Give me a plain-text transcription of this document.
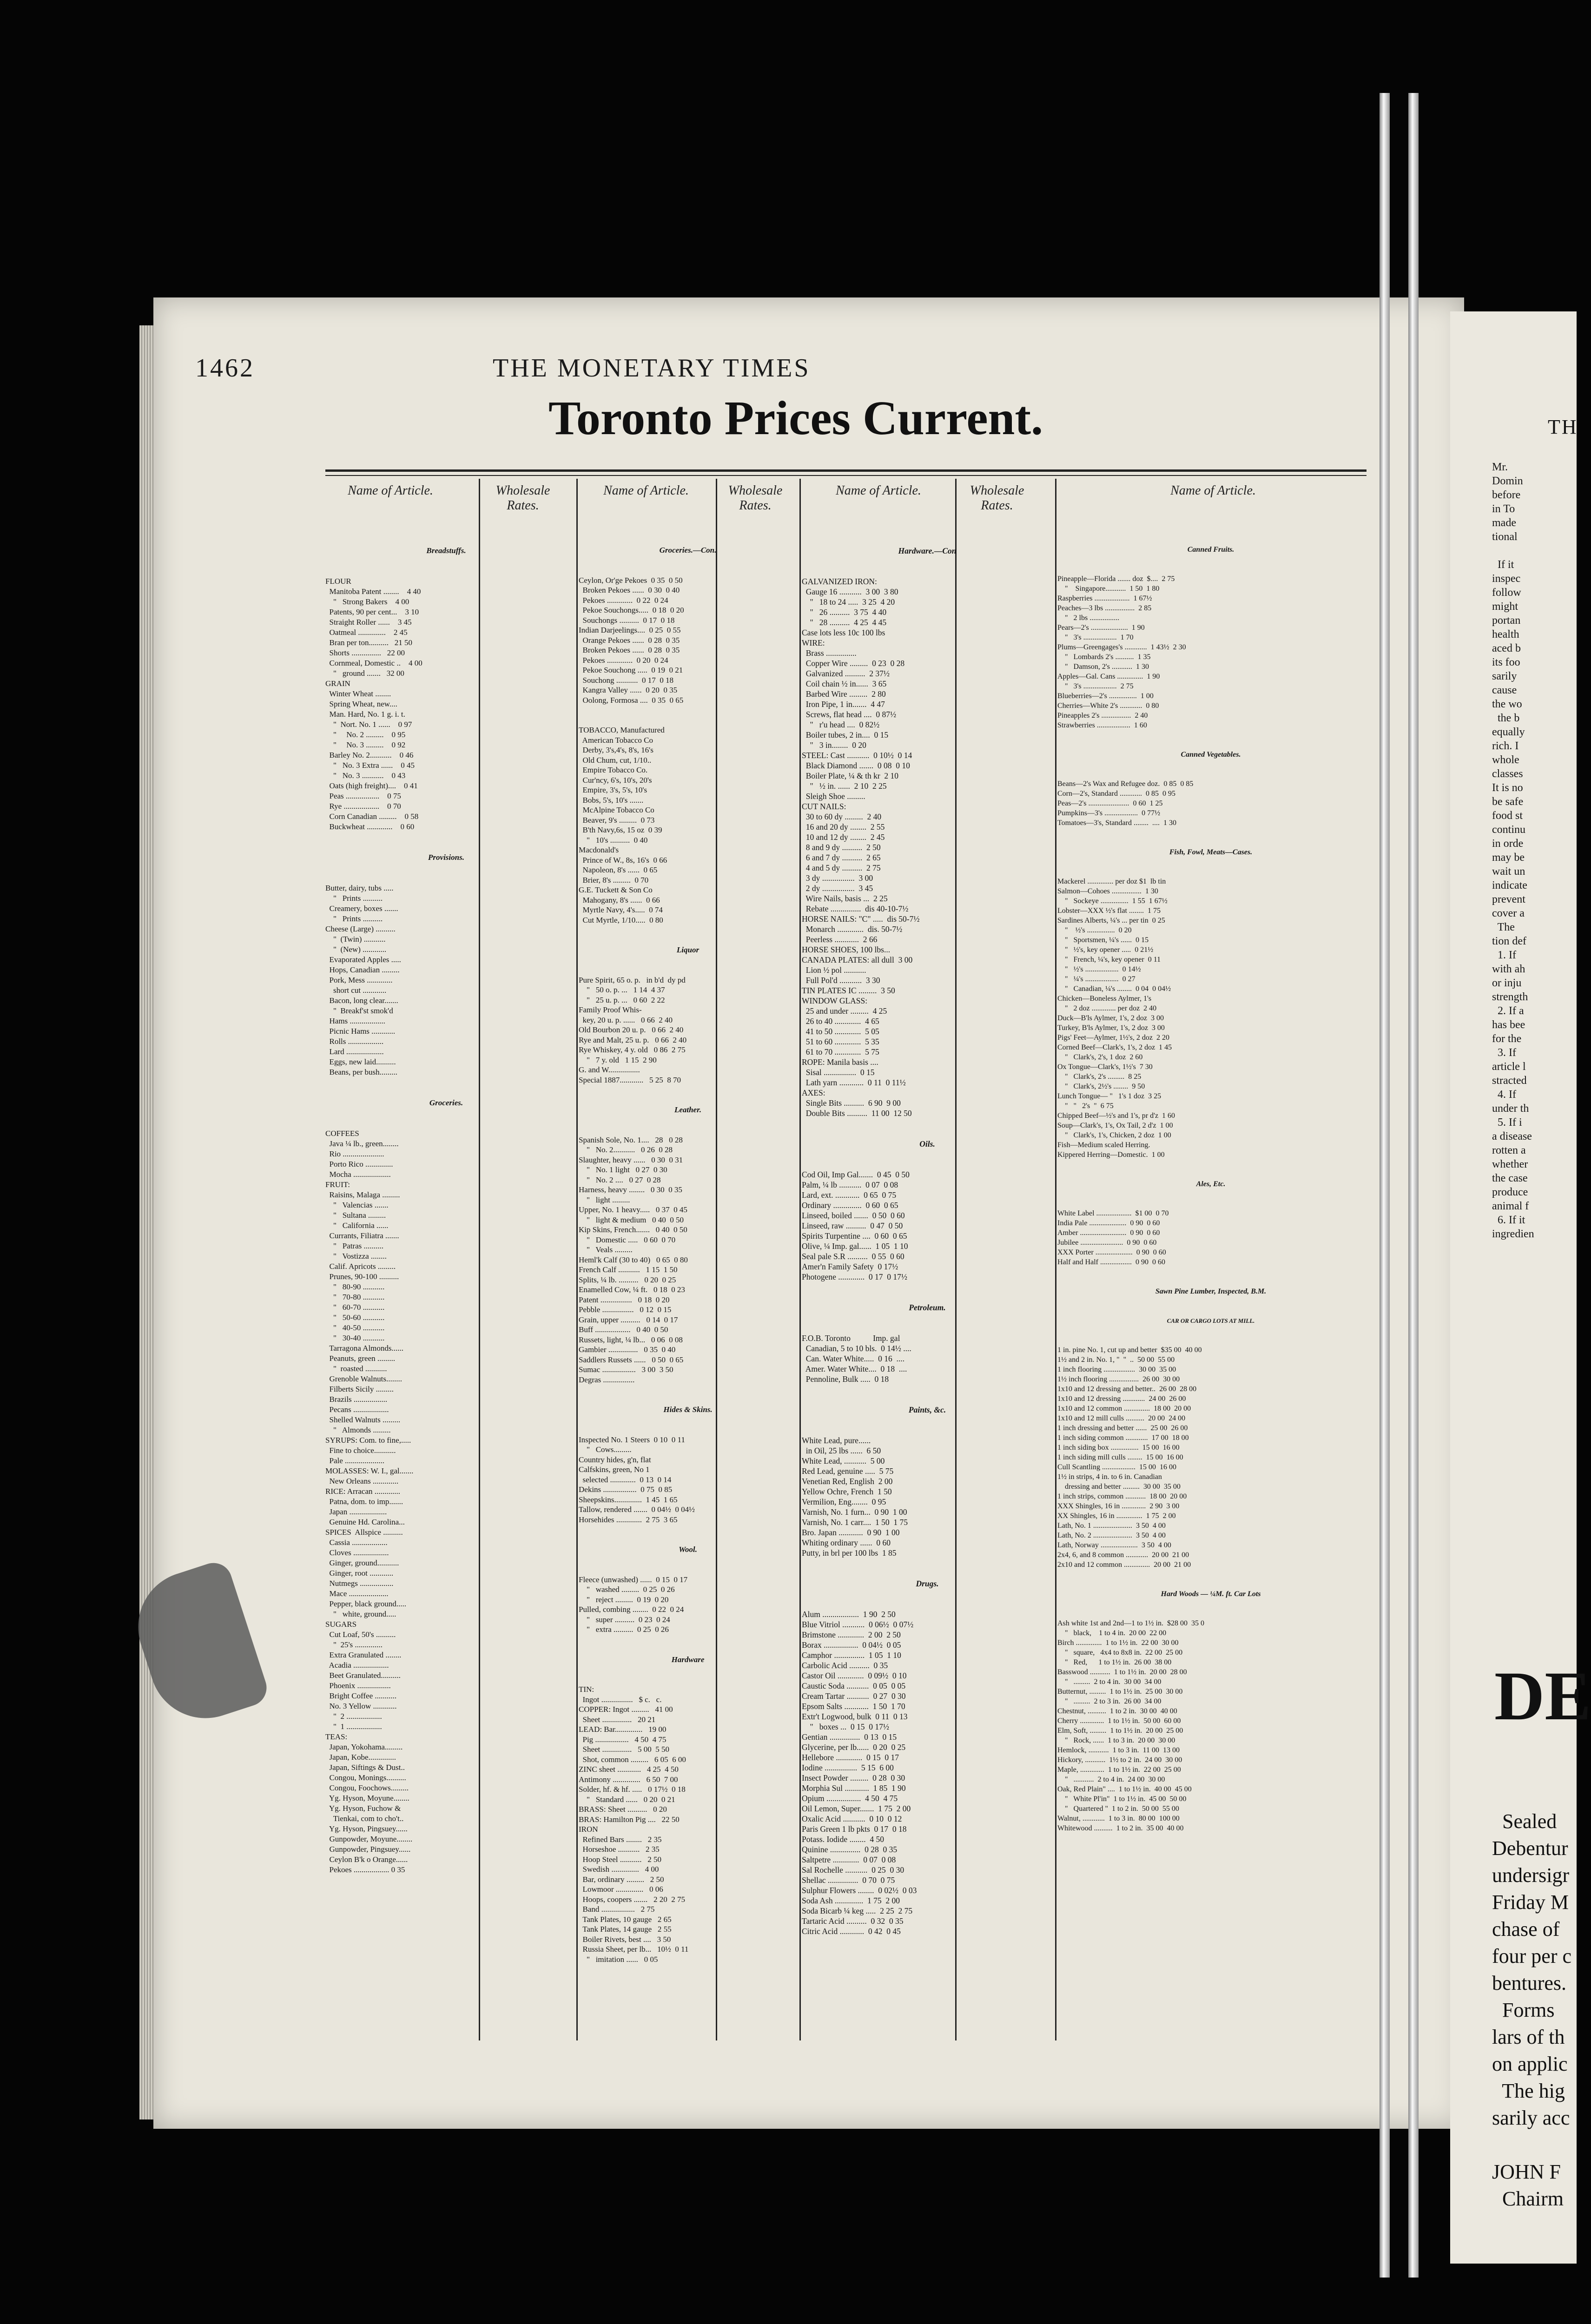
TH
Mr.
Domin
before
in To
made
tional

If it
inspec
follow
might
portan
health
aced b
its foo
sarily
cause
the wo
the b
equally
rich. I
whole
classes
It is no
be safe
food st
continu
in orde
may be
wait un
indicate
prevent
cover a
The
tion def
1. If
with ah
or inju
strength
2. If a
has bee
for the
3. If
article l
stracted
4. If
under th
5. If i
a disease
rotten a
whether
the case
produce
animal f
6. If it
ingredien
DE
Sealed
Debentur
undersigr
Friday M
chase of
four per c
bentures.
Forms
lars of th
on applic
The hig
sarily acc

JOHN F
Chairm
1462	THE MONETARY TIMES
Toronto Prices Current.
Name of Article.	Wholesale Rates.
Name of Article.	Wholesale Rates.
Name of Article.	Wholesale Rates.
Name of Article.

Breadstuffs.

FLOUR
Manitoba Patent ........    4 40
"   Strong Bakers    4 00
Patents, 90 per cent...    3 10
Straight Roller ......    3 45
Oatmeal ..............    2 45
Bran per ton..........   21 50
Shorts ...............   22 00
Cornmeal, Domestic ..    4 00
"   ground .......   32 00
GRAIN
Winter Wheat ........
Spring Wheat, new....
Man. Hard, No. 1 g. i. t.
"  Nort. No. 1 ......    0 97
"     No. 2 .........    0 95
"     No. 3 .........    0 92
Barley No. 2...........    0 46
"   No. 3 Extra ......    0 45
"   No. 3 ...........    0 43
Oats (high freight)....    0 41
Peas .................    0 75
Rye ..................    0 70
Corn Canadian .........    0 58
Buckwheat .............    0 60

Provisions.

Butter, dairy, tubs .....
"   Prints ..........
Creamery, boxes .......
"   Prints ..........
Cheese (Large) ..........
"  (Twin) ...........
"  (New) ............
Evaporated Apples .....
Hops, Canadian .........
Pork, Mess .............
short cut ............
Bacon, long clear.......
"  Breakf'st smok'd
Hams ..................
Picnic Hams ............
Rolls ..................
Lard ...................
Eggs, new laid..........
Beans, per bush.........

Groceries.

COFFEES
Java ¼ lb., green........
Rio .....................
Porto Rico ..............
Mocha ...................
FRUIT:
Raisins, Malaga .........
"   Valencias .......
"   Sultana .........
"   California ......
Currants, Filiatra .......
"   Patras ..........
"   Vostizza ........
Calif. Apricots .........
Prunes, 90-100 ..........
"   80-90 ...........
"   70-80 ...........
"   60-70 ...........
"   50-60 ...........
"   40-50 ...........
"   30-40 ...........
Tarragona Almonds......
Peanuts, green .........
"  roasted ...........
Grenoble Walnuts........
Filberts Sicily .........
Brazils .................
Pecans ..................
Shelled Walnuts .........
"   Almonds .........
SYRUPS: Com. to fine,.....
Fine to choice...........
Pale ....................
MOLASSES: W. I., gal.......
New Orleans .............
RICE: Arracan .............
Patna, dom. to imp.......
Japan ...................
Genuine Hd. Carolina...
SPICES  Allspice ..........
Cassia ..................
Cloves ..................
Ginger, ground...........
Ginger, root ............
Nutmegs .................
Mace ....................
Pepper, black ground.....
"   white, ground.....
SUGARS
Cut Loaf, 50's ..........
"  25's ..............
Extra Granulated ........
Acadia ..................
Beet Granulated..........
Phoenix .................
Bright Coffee ...........
No. 3 Yellow ............
"  2 ..................
"  1 ..................
TEAS:
Japan, Yokohama.........
Japan, Kobe..............
Japan, Siftings & Dust..
Congou, Monings..........
Congou, Foochows.........
Yg. Hyson, Moyune........
Yg. Hyson, Fuchow &
Tienkai, com to cho't..
Yg. Hyson, Pingsuey......
Gunpowder, Moyune........
Gunpowder, Pingsuey......
Ceylon B'k o Orange......
Pekoes .................. 0 35

Groceries.—Con.

Ceylon, Or'ge Pekoes  0 35  0 50
Broken Pekoes ......  0 30  0 40
Pekoes .............  0 22  0 24
Pekoe Souchongs.....  0 18  0 20
Souchongs ..........  0 17  0 18
Indian Darjeelings....  0 25  0 55
Orange Pekoes ......  0 28  0 35
Broken Pekoes ......  0 28  0 35
Pekoes .............  0 20  0 24
Pekoe Souchong .....  0 19  0 21
Souchong ...........  0 17  0 18
Kangra Valley ......  0 20  0 35
Oolong, Formosa ....  0 35  0 65

TOBACCO, Manufactured
American Tobacco Co
Derby, 3's,4's, 8's, 16's
Old Chum, cut, 1/10..
Empire Tobacco Co.
Cur'ncy, 6's, 10's, 20's
Empire, 3's, 5's, 10's
Bobs, 5's, 10's .......
McAlpine Tobacco Co
Beaver, 9's .........  0 73
B'th Navy,6s, 15 oz  0 39
"   10's ..........  0 40
Macdonald's
Prince of W., 8s, 16's  0 66
Napoleon, 8's ......  0 65
Brier, 8's .........  0 70
G.E. Tuckett & Son Co
Mahogany, 8's ......  0 66
Myrtle Navy, 4's.....  0 74
Cut Myrtle, 1/10.....  0 80

Liquor

Pure Spirit, 65 o. p.   in b'd  dy pd
"   50 o. p. ...   1 14  4 37
"   25 u. p. ...   0 60  2 22
Family Proof Whis-
key, 20 u. p. ......   0 66  2 40
Old Bourbon 20 u. p.   0 66  2 40
Rye and Malt, 25 u. p.   0 66  2 40
Rye Whiskey, 4 y. old   0 86  2 75
"   7 y. old   1 15  2 90
G. and W................
Special 1887............   5 25  8 70

Leather.

Spanish Sole, No. 1....   28   0 28
"   No. 2...........   0 26  0 28
Slaughter, heavy ......   0 30  0 31
"   No. 1 light   0 27  0 30
"   No. 2 ....   0 27  0 28
Harness, heavy ........   0 30  0 35
"   light .........
Upper, No. 1 heavy.....   0 37  0 45
"   light & medium   0 40  0 50
Kip Skins, French.......   0 40  0 50
"   Domestic .....   0 60  0 70
"   Veals .........
Heml'k Calf (30 to 40)   0 65  0 80
French Calf ...........   1 15  1 50
Splits, ¼ lb. ..........   0 20  0 25
Enamelled Cow, ¼ ft.   0 18  0 23
Patent ................   0 18  0 20
Pebble ................   0 12  0 15
Grain, upper ..........   0 14  0 17
Buff ..................   0 40  0 50
Russets, light, ¼ lb...   0 06  0 08
Gambier ...............   0 35  0 40
Saddlers Russets ......   0 50  0 65
Sumac .................   3 00  3 50
Degras ................

Hides & Skins.

Inspected No. 1 Steers  0 10  0 11
"   Cows.........
Country hides, g'n, flat
Calfskins, green, No 1
selected .............  0 13  0 14
Dekins .................  0 75  0 85
Sheepskins..............  1 45  1 65
Tallow, rendered .......  0 04½  0 04½
Horsehides .............  2 75  3 65

Wool.

Fleece (unwashed) ......  0 15  0 17
"   washed .........  0 25  0 26
"   reject .........  0 19  0 20
Pulled, combing ........  0 22  0 24
"   super ..........  0 23  0 24
"   extra ..........  0 25  0 26

Hardware

TIN:
Ingot ................   $ c.   c.
COPPER: Ingot .........   41 00
Sheet ...............   20 21
LEAD: Bar..............   19 00
Pig .................   4 50  4 75
Sheet ...............   5 00  5 50
Shot, common .........   6 05  6 00
ZINC sheet ............   4 25  4 50
Antimony ..............   6 50  7 00
Solder, hf. & hf. .....   0 17½  0 18
"   Standard ......   0 20  0 21
BRASS: Sheet ..........   0 20
BRAS: Hamilton Pig ....   22 50
IRON
Refined Bars ........   2 35
Horseshoe ...........   2 35
Hoop Steel ...........   2 50
Swedish ..............   4 00
Bar, ordinary .........   2 50
Lowmoor ..............   0 06
Hoops, coopers .......   2 20  2 75
Band .................   2 75
Tank Plates, 10 gauge   2 65
Tank Plates, 14 gauge   2 55
Boiler Rivets, best ....   3 50
Russia Sheet, per lb...   10½  0 11
"   imitation ......   0 05

Hardware.—Con

GALVANIZED IRON:
Gauge 16 ...........  3 00  3 80
"   18 to 24 .....  3 25  4 20
"   26 ..........  3 75  4 40
"   28 ..........  4 25  4 45
Case lots less 10c 100 lbs
WIRE:
Brass ...............
Copper Wire .........  0 23  0 28
Galvanized ..........  2 37½
Coil chain ½ in......  3 65
Barbed Wire .........  2 80
Iron Pipe, 1 in.......  4 47
Screws, flat head ....  0 87½
"   r'u head ....  0 82½
Boiler tubes, 2 in....  0 15
"   3 in........  0 20
STEEL: Cast ...........  0 10½  0 14
Black Diamond .......  0 08  0 10
Boiler Plate, ¼ & th kr  2 10
"   ½ in. ......  2 10  2 25
Sleigh Shoe .........
CUT NAILS:
30 to 60 dy .........  2 40
16 and 20 dy ........  2 55
10 and 12 dy ........  2 45
8 and 9 dy ..........  2 50
6 and 7 dy ..........  2 65
4 and 5 dy ..........  2 75
3 dy ................  3 00
2 dy ................  3 45
Wire Nails, basis ...  2 25
Rebate ...............  dis 40-10-7½
HORSE NAILS: "C" .....  dis 50-7½
Monarch .............  dis. 50-7½
Peerless ............  2 66
HORSE SHOES, 100 lbs...
CANADA PLATES: all dull  3 00
Lion ½ pol ...........
Full Pol'd ...........  3 30
TIN PLATES IC .........  3 50
WINDOW GLASS:
25 and under .........  4 25
26 to 40 .............  4 65
41 to 50 .............  5 05
51 to 60 .............  5 35
61 to 70 .............  5 75
ROPE: Manila basis ....
Sisal ................  0 15
Lath yarn ............  0 11  0 11½
AXES:
Single Bits ..........  6 90  9 00
Double Bits ..........  11 00  12 50

Oils.

Cod Oil, Imp Gal.......  0 45  0 50
Palm, ¼ lb ...........  0 07  0 08
Lard, ext. ............  0 65  0 75
Ordinary ..............  0 60  0 65
Linseed, boiled .......  0 50  0 60
Linseed, raw ..........  0 47  0 50
Spirits Turpentine ....  0 60  0 65
Olive, ¼ Imp. gal......  1 05  1 10
Seal pale S.R ..........  0 55  0 60
Amer'n Family Safety  0 17½
Photogene .............  0 17  0 17½

Petroleum.

F.O.B. Toronto           Imp. gal
Canadian, 5 to 10 bls.  0 14½ ....
Can. Water White.....  0 16  ....
Amer. Water White....  0 18  ....
Pennoline, Bulk .....  0 18

Paints, &c.

White Lead, pure......
in Oil, 25 lbs ......  6 50
White Lead, ...........  5 00
Red Lead, genuine .....  5 75
Venetian Red, English  2 00
Yellow Ochre, French  1 50
Vermilion, Eng........  0 95
Varnish, No. 1 furn...  0 90  1 00
Varnish, No. 1 carr....  1 50  1 75
Bro. Japan ............  0 90  1 00
Whiting ordinary ......  0 60
Putty, in brl per 100 lbs  1 85

Drugs.

Alum ..................  1 90  2 50
Blue Vitriol ...........  0 06½  0 07½
Brimstone .............  2 00  2 50
Borax .................  0 04½  0 05
Camphor ...............  1 05  1 10
Carbolic Acid ..........  0 35
Castor Oil .............  0 09½  0 10
Caustic Soda ...........  0 05  0 05
Cream Tartar ...........  0 27  0 30
Epsom Salts ............  1 50  1 70
Extr't Logwood, bulk  0 11  0 13
"   boxes ...  0 15  0 17½
Gentian ...............  0 13  0 15
Glycerine, per lb......  0 20  0 25
Hellebore .............  0 15  0 17
Iodine ................  5 15  6 00
Insect Powder .........  0 28  0 30
Morphia Sul ............  1 85  1 90
Opium .................  4 50  4 75
Oil Lemon, Super.......  1 75  2 00
Oxalic Acid ...........  0 10  0 12
Paris Green 1 lb pkts  0 17  0 18
Potass. Iodide ........  4 50
Quinine ...............  0 28  0 35
Saltpetre .............  0 07  0 08
Sal Rochelle ...........  0 25  0 30
Shellac ...............  0 70  0 75
Sulphur Flowers ........  0 02½  0 03
Soda Ash ..............  1 75  2 00
Soda Bicarb ¼ keg .....  2 25  2 75
Tartaric Acid ..........  0 32  0 35
Citric Acid ............  0 42  0 45

Canned Fruits.

Pineapple—Florida ....... doz  $....  2 75
"    Singapore...........  1 50  1 80
Raspberries ...................  1 67½
Peaches—3 lbs ................  2 85
"   2 lbs ................
Pears—2's ....................  1 90
"   3's ..................  1 70
Plums—Greengages's ............  1 43½  2 30
"   Lombards 2's ..........  1 35
"   Damson, 2's ...........  1 30
Apples—Gal. Cans ..............  1 90
"   3's ..................  2 75
Blueberries—2's ...............  1 00
Cherries—White 2's ............  0 80
Pineapples 2's ................  2 40
Strawberries ..................  1 60

Canned Vegetables.

Beans—2's Wax and Refugee doz.  0 85  0 85
Corn—2's, Standard ............  0 85  0 95
Peas—2's ......................  0 60  1 25
Pumpkins—3's ..................  0 77½
Tomatoes—3's, Standard ........  ....  1 30

Fish, Fowl, Meats—Cases.

Mackerel .............. per doz $1  lb tin
Salmon—Cohoes ................  1 30
"   Sockeye ...............  1 55  1 67½
Lobster—XXX ½'s flat ........  1 75
Sardines Alberts, ¼'s ... per tin  0 25
"    ½'s ...............  0 20
"   Sportsmen, ¼'s ......  0 15
"   ½'s, key opener .....  0 21½
"   French, ¼'s, key opener  0 11
"   ½'s ..................  0 14½
"   ¼'s ..................  0 27
"   Canadian, ¼'s ........  0 04  0 04½
Chicken—Boneless Aylmer, 1's
"   2 doz ............. per doz  2 40
Duck—B'ls Aylmer, 1's, 2 doz  3 00
Turkey, B'ls Aylmer, 1's, 2 doz  3 00
Pigs' Feet—Aylmer, 1½'s, 2 doz  2 20
Corned Beef—Clark's, 1's, 2 doz  1 45
"   Clark's, 2's, 1 doz  2 60
Ox Tongue—Clark's, 1½'s  7 30
"   Clark's, 2's .........  8 25
"   Clark's, 2½'s ........  9 50
Lunch Tongue— "   1's 1 doz  3 25
"   "   2's  "  6 75
Chipped Beef—½'s and 1's, pr d'z  1 60
Soup—Clark's, 1's, Ox Tail, 2 d'z  1 00
"   Clark's, 1's, Chicken, 2 doz  1 00
Fish—Medium scaled Herring.
Kippered Herring—Domestic.  1 00

Ales, Etc.

White Label ...................  $1 00  0 70
India Pale ....................  0 90  0 60
Amber .........................  0 90  0 60
Jubilee .......................  0 90  0 60
XXX Porter ....................  0 90  0 60
Half and Half .................  0 90  0 60

Sawn Pine Lumber, Inspected, B.M.

CAR OR CARGO LOTS AT MILL.

1 in. pine No. 1, cut up and better  $35 00  40 00
1½ and 2 in. No. 1, "  "  ..  50 00  55 00
1 inch flooring .................  30 00  35 00
1½ inch flooring ................  26 00  30 00
1x10 and 12 dressing and better..  26 00  28 00
1x10 and 12 dressing ............  24 00  26 00
1x10 and 12 common ..............  18 00  20 00
1x10 and 12 mill culls ..........  20 00  24 00
1 inch dressing and better ......  25 00  26 00
1 inch siding common ............  17 00  18 00
1 inch siding box ...............  15 00  16 00
1 inch siding mill culls ........  15 00  16 00
Cull Scantling ..................  15 00  16 00
1½ in strips, 4 in. to 6 in. Canadian
dressing and better .........  30 00  35 00
1 inch strips, common ...........  18 00  20 00
XXX Shingles, 16 in .............  2 90  3 00
XX Shingles, 16 in ..............  1 75  2 00
Lath, No. 1 .....................  3 50  4 00
Lath, No. 2 .....................  3 50  4 00
Lath, Norway ....................  3 50  4 00
2x4, 6, and 8 common ............  20 00  21 00
2x10 and 12 common ..............  20 00  21 00

Hard Woods — ¼M. ft. Car Lots

Ash white 1st and 2nd—1 to 1½ in.  $28 00  35 0
"   black,    1 to 4 in.  20 00  22 00
Birch ..............  1 to 1½ in.  22 00  30 00
"   square,   4x4 to 8x8 in.  22 00  25 00
"   Red,      1 to 1½ in.  26 00  38 00
Basswood ...........  1 to 1½ in.  20 00  28 00
"   .........  2 to 4 in.  30 00  34 00
Butternut, .........  1 to 1½ in.  25 00  30 00
"   .........  2 to 3 in.  26 00  34 00
Chestnut, ..........  1 to 2 in.  30 00  40 00
Cherry .............  1 to 1½ in.  50 00  60 00
Elm, Soft, .........  1 to 1½ in.  20 00  25 00
"   Rock, ......  1 to 3 in.  20 00  30 00
Hemlock, ...........  1 to 3 in.  11 00  13 00
Hickory, ...........  1½ to 2 in.  24 00  30 00
Maple, .............  1 to 1½ in.  22 00  25 00
"   ...........  2 to 4 in.  24 00  30 00
Oak, Red Plain" ....  1 to 1½ in.  40 00  45 00
"   White Pl'in"  1 to 1½ in.  45 00  50 00
"   Quartered "  1 to 2 in.  50 00  55 00
Walnut, ............  1 to 3 in.  80 00  100 00
Whitewood ..........  1 to 2 in.  35 00  40 00
